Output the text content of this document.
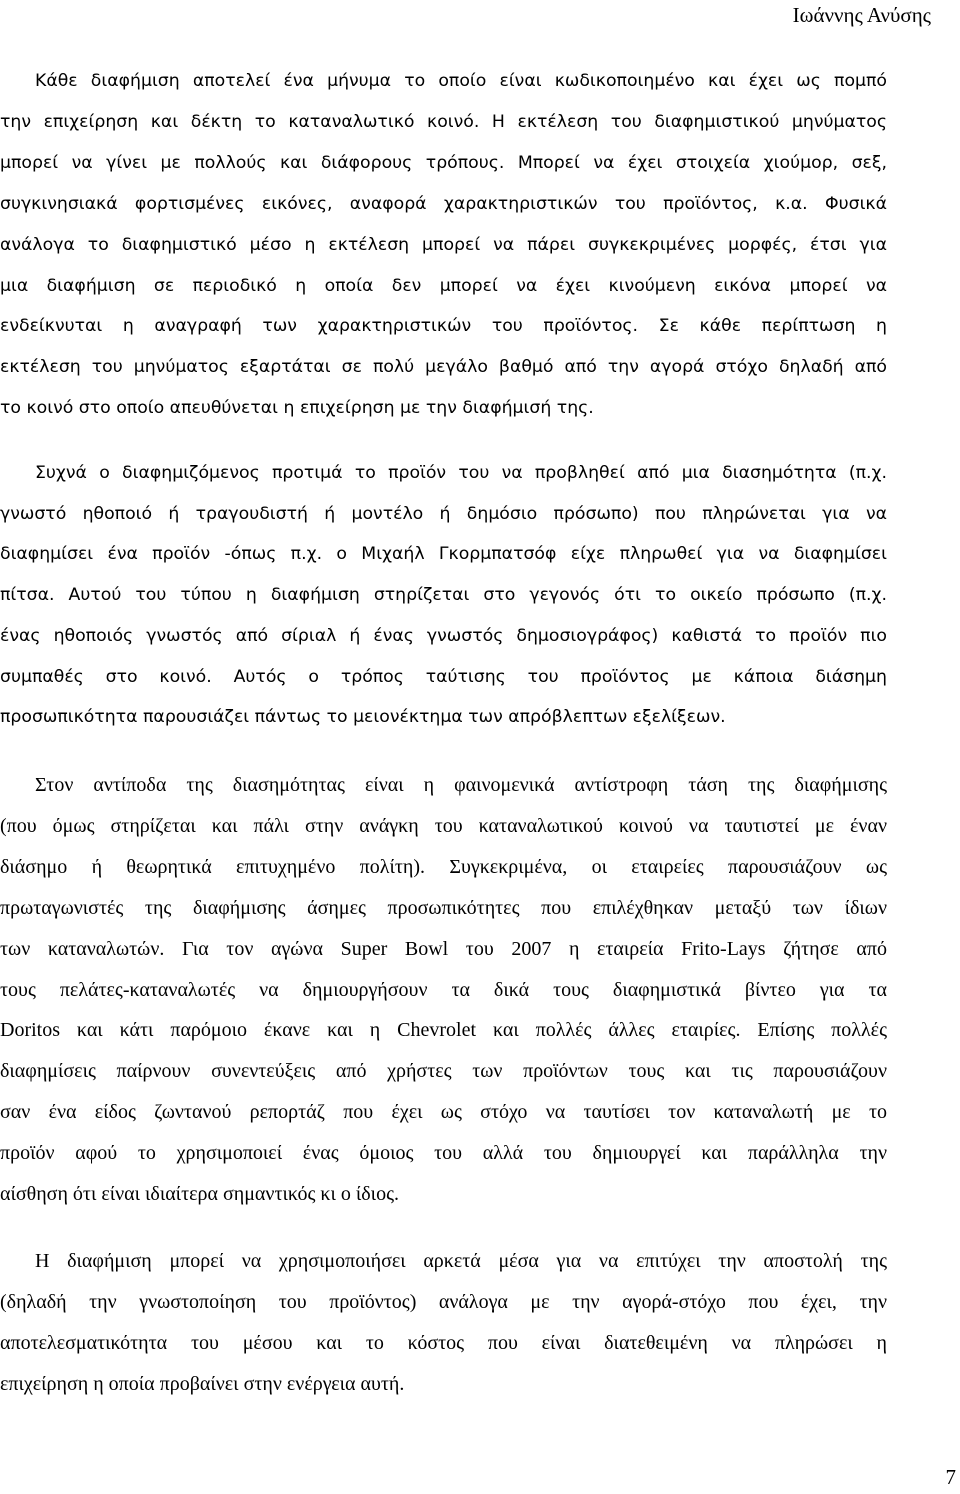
Ιωάννης Ανύσης
Κάθε διαφήμιση αποτελεί ένα μήνυμα το οποίο είναι κωδικοποιημένο και έχει ως πομπό
την επιχείρηση και δέκτη το καταναλωτικό κοινό. Η εκτέλεση του διαφημιστικού μηνύματος
μπορεί να γίνει με πολλούς και διάφορους τρόπους. Μπορεί να έχει στοιχεία χιούμορ, σεξ,
συγκινησιακά φορτισμένες εικόνες, αναφορά χαρακτηριστικών του προϊόντος, κ.α. Φυσικά
ανάλογα το διαφημιστικό μέσο η εκτέλεση μπορεί να πάρει συγκεκριμένες μορφές, έτσι για
μια διαφήμιση σε περιοδικό η οποία δεν μπορεί να έχει κινούμενη εικόνα μπορεί να
ενδείκνυται η αναγραφή των χαρακτηριστικών του προϊόντος. Σε κάθε περίπτωση η
εκτέλεση του μηνύματος εξαρτάται σε πολύ μεγάλο βαθμό από την αγορά στόχο δηλαδή από
το κοινό στο οποίο απευθύνεται η επιχείρηση με την διαφήμισή της.
Συχνά ο διαφημιζόμενος προτιμά το προϊόν του να προβληθεί από μια διασημότητα (π.χ.
γνωστό ηθοποιό ή τραγουδιστή ή μοντέλο ή δημόσιο πρόσωπο) που πληρώνεται για να
διαφημίσει ένα προϊόν -όπως π.χ. ο Μιχαήλ Γκορμπατσόφ είχε πληρωθεί για να διαφημίσει
πίτσα. Αυτού του τύπου η διαφήμιση στηρίζεται στο γεγονός ότι το οικείο πρόσωπο (π.χ.
ένας ηθοποιός γνωστός από σίριαλ ή ένας γνωστός δημοσιογράφος) καθιστά το προϊόν πιο
συμπαθές στο κοινό. Αυτός ο τρόπος ταύτισης του προϊόντος με κάποια διάσημη
προσωπικότητα παρουσιάζει πάντως το μειονέκτημα των απρόβλεπτων εξελίξεων.
Στον αντίποδα της διασημότητας είναι η φαινομενικά αντίστροφη τάση της διαφήμισης
(που όμως στηρίζεται και πάλι στην ανάγκη του καταναλωτικού κοινού να ταυτιστεί με έναν
διάσημο ή θεωρητικά επιτυχημένο πολίτη). Συγκεκριμένα, οι εταιρείες παρουσιάζουν ως
πρωταγωνιστές της διαφήμισης άσημες προσωπικότητες που επιλέχθηκαν μεταξύ των ίδιων
των καταναλωτών. Για τον αγώνα Super Bowl του 2007 η εταιρεία Frito-Lays ζήτησε από
τους πελάτες-καταναλωτές να δημιουργήσουν τα δικά τους διαφημιστικά βίντεο για τα
Doritos και κάτι παρόμοιο έκανε και η Chevrolet και πολλές άλλες εταιρίες. Επίσης πολλές
διαφημίσεις παίρνουν συνεντεύξεις από χρήστες των προϊόντων τους και τις παρουσιάζουν
σαν ένα είδος ζωντανού ρεπορτάζ που έχει ως στόχο να ταυτίσει τον καταναλωτή με το
προϊόν αφού το χρησιμοποιεί ένας όμοιος του αλλά του δημιουργεί και παράλληλα την
αίσθηση ότι είναι ιδιαίτερα σημαντικός κι ο ίδιος.
Η διαφήμιση μπορεί να χρησιμοποιήσει αρκετά μέσα για να επιτύχει την αποστολή της
(δηλαδή την γνωστοποίηση του προϊόντος) ανάλογα με την αγορά-στόχο που έχει, την
αποτελεσματικότητα του μέσου και το κόστος που είναι διατεθειμένη να πληρώσει η
επιχείρηση η οποία προβαίνει στην ενέργεια αυτή.
7
